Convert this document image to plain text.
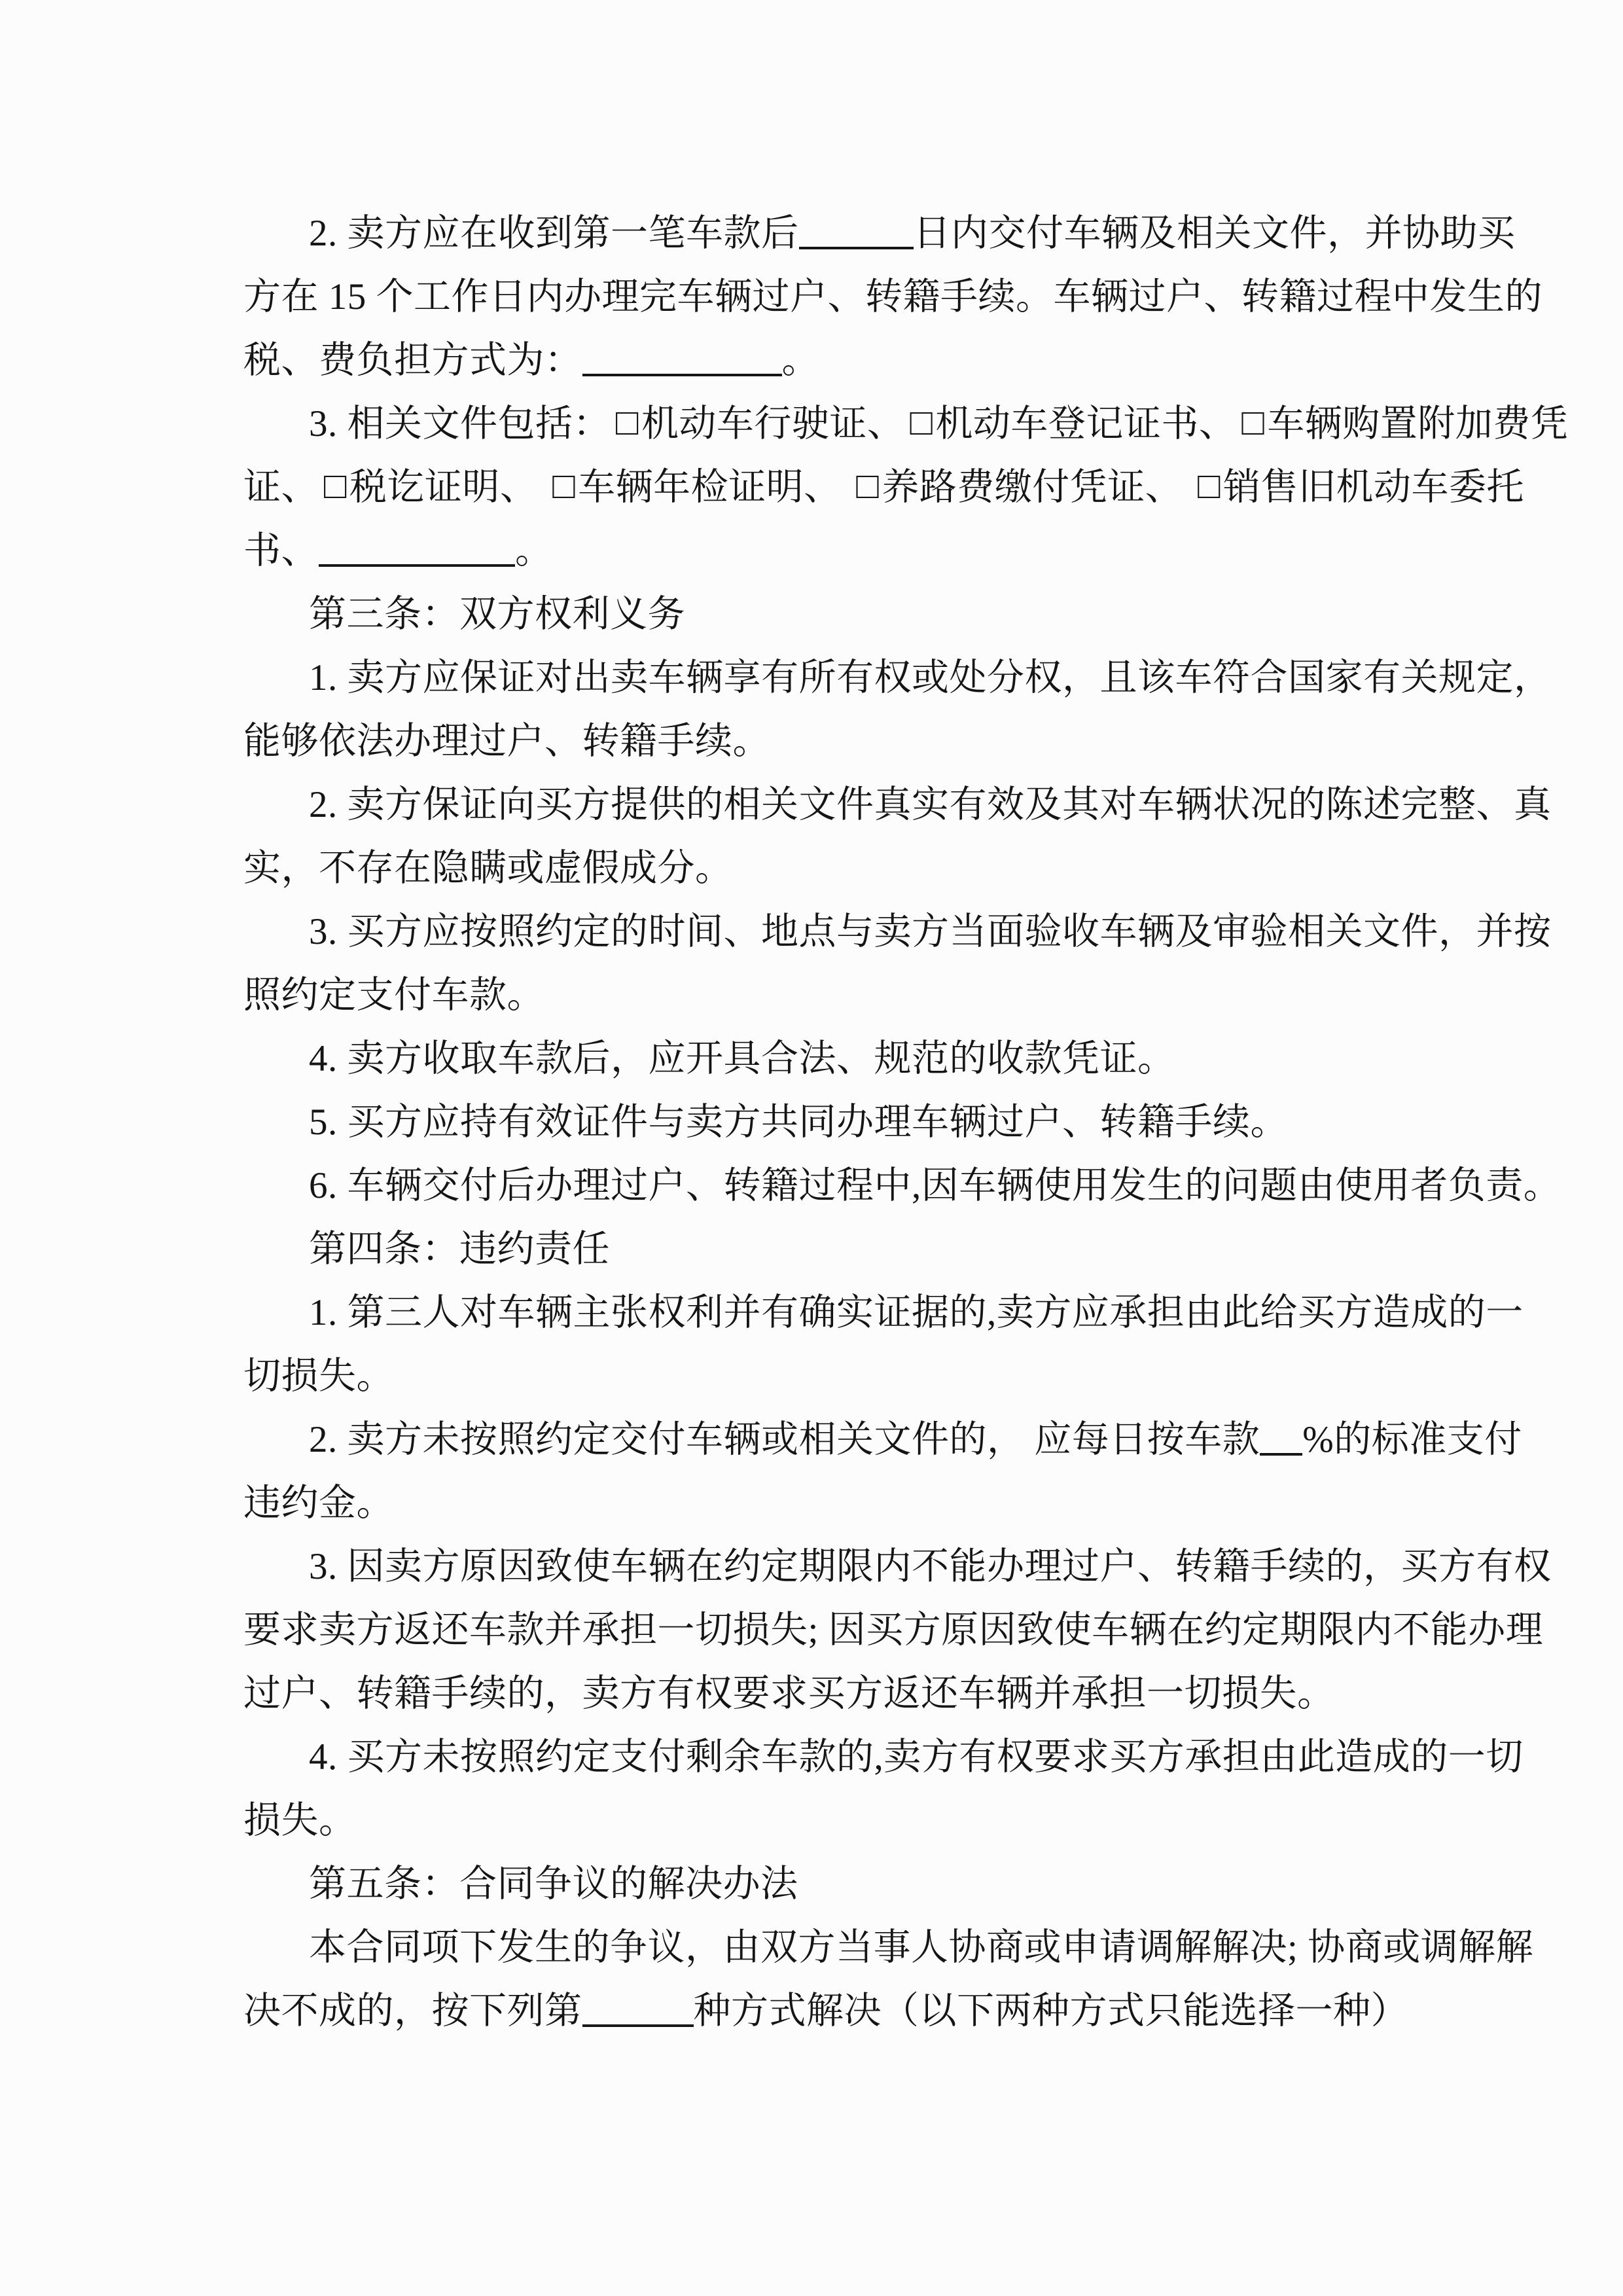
2. 卖方应在收到第一笔车款后	日内交付车辆及相关文件，并协助买
方在 15 个工作日内办理完车辆过户、转籍手续。车辆过户、转籍过程中发生的
税、费负担方式为：	。
3. 相关文件包括： □机动车行驶证、 □机动车登记证书、 □车辆购置附加费凭
证、 □税讫证明、 □车辆年检证明、 □养路费缴付凭证、 □销售旧机动车委托
书、	。
第三条：双方权利义务
1. 卖方应保证对出卖车辆享有所有权或处分权，且该车符合国家有关规定，
能够依法办理过户、转籍手续。
2. 卖方保证向买方提供的相关文件真实有效及其对车辆状况的陈述完整、真
实，不存在隐瞒或虚假成分。
3. 买方应按照约定的时间、地点与卖方当面验收车辆及审验相关文件，并按
照约定支付车款。
4. 卖方收取车款后，应开具合法、规范的收款凭证。
5. 买方应持有效证件与卖方共同办理车辆过户、转籍手续。
6. 车辆交付后办理过户、转籍过程中,因车辆使用发生的问题由使用者负责。
第四条：违约责任
1. 第三人对车辆主张权利并有确实证据的,卖方应承担由此给买方造成的一
切损失。
2. 卖方未按照约定交付车辆或相关文件的， 应每日按车款 %的标准支付
违约金。
3. 因卖方原因致使车辆在约定期限内不能办理过户、转籍手续的，买方有权
要求卖方返还车款并承担一切损失; 因买方原因致使车辆在约定期限内不能办理
过户、转籍手续的，卖方有权要求买方返还车辆并承担一切损失。
4. 买方未按照约定支付剩余车款的,卖方有权要求买方承担由此造成的一切
损失。
第五条：合同争议的解决办法
本合同项下发生的争议，由双方当事人协商或申请调解解决; 协商或调解解
决不成的，按下列第	种方式解决（以下两种方式只能选择一种）
